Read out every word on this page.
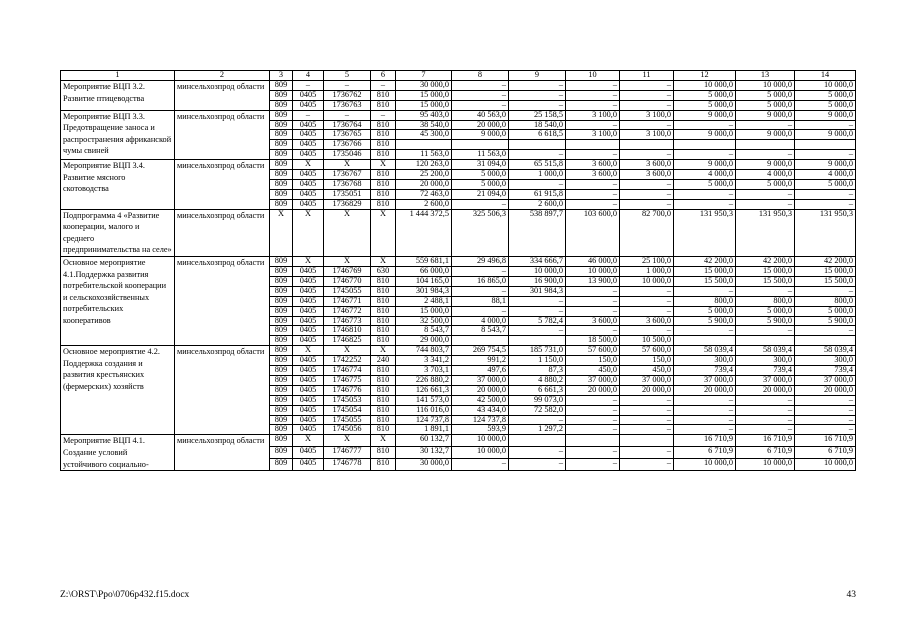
1	2	3	4	5	6	7	8	9	10	11	12	13	14
Мероприятие ВЦП 3.2. Развитие птицеводства	минсельхозпрод области	809	–	–	–	30 000,0	–	–	–	–	10 000,0	10 000,0	10 000,0
		809	0405	1736762	810	15 000,0	–	–	–	–	5 000,0	5 000,0	5 000,0
		809	0405	1736763	810	15 000,0	–	–	–	–	5 000,0	5 000,0	5 000,0
Мероприятие ВЦП 3.3. Предотвращение заноса и распространения африканской чумы свиней	минсельхозпрод области	809	–	–	–	95 403,0	40 563,0	25 158,5	3 100,0	3 100,0	9 000,0	9 000,0	9 000,0
		809	0405	1736764	810	38 540,0	20 000,0	18 540,0	–	–	–	–	–
		809	0405	1736765	810	45 300,0	9 000,0	6 618,5	3 100,0	3 100,0	9 000,0	9 000,0	9 000,0
		809	0405	1736766	810								
		809	0405	1735046	810	11 563,0	11 563,0	–	–	–	–	–	–
Мероприятие ВЦП 3.4. Развитие мясного скотоводства	минсельхозпрод области	809	Х	Х	Х	120 263,0	31 094,0	65 515,8	3 600,0	3 600,0	9 000,0	9 000,0	9 000,0
		809	0405	1736767	810	25 200,0	5 000,0	1 000,0	3 600,0	3 600,0	4 000,0	4 000,0	4 000,0
		809	0405	1736768	810	20 000,0	5 000,0	–	–	–	5 000,0	5 000,0	5 000,0
		809	0405	1735051	810	72 463,0	21 094,0	61 915,8	–	–	–	–	–
		809	0405	1736829	810	2 600,0	–	2 600,0	–	–	–	–	–
Подпрограмма 4 «Развитие кооперации, малого и среднего предпринимательства на селе»	минсельхозпрод области	Х	Х	Х	Х	1 444 372,5	325 506,3	538 897,7	103 600,0	82 700,0	131 950,3	131 950,3	131 950,3
Основное мероприятие 4.1.Поддержка развития потребительской кооперации и сельскохозяйственных потребительских кооперативов	минсельхозпрод области	809	Х	Х	Х	559 681,1	29 496,8	334 666,7	46 000,0	25 100,0	42 200,0	42 200,0	42 200,0
		809	0405	1746769	630	66 000,0	–	10 000,0	10 000,0	1 000,0	15 000,0	15 000,0	15 000,0
		809	0405	1746770	810	104 165,0	16 865,0	16 900,0	13 900,0	10 000,0	15 500,0	15 500,0	15 500,0
		809	0405	1745055	810	301 984,3	–	301 984,3	–	–	–	–	–
		809	0405	1746771	810	2 488,1	88,1	–	–	–	800,0	800,0	800,0
		809	0405	1746772	810	15 000,0	–	–	–	–	5 000,0	5 000,0	5 000,0
		809	0405	1746773	810	32 500,0	4 000,0	5 782,4	3 600,0	3 600,0	5 900,0	5 900,0	5 900,0
		809	0405	1746810	810	8 543,7	8 543,7	–	–	–	–	–	–
		809	0405	1746825	810	29 000,0			18 500,0	10 500,0			
Основное мероприятие 4.2. Поддержка создания и развития крестьянских (фермерских) хозяйств	минсельхозпрод области	809	Х	Х	Х	744 803,7	269 754,5	185 731,0	57 600,0	57 600,0	58 039,4	58 039,4	58 039,4
		809	0405	1742252	240	3 341,2	991,2	1 150,0	150,0	150,0	300,0	300,0	300,0
		809	0405	1746774	810	3 703,1	497,6	87,3	450,0	450,0	739,4	739,4	739,4
		809	0405	1746775	810	226 880,2	37 000,0	4 880,2	37 000,0	37 000,0	37 000,0	37 000,0	37 000,0
		809	0405	1746776	810	126 661,3	20 000,0	6 661,3	20 000,0	20 000,0	20 000,0	20 000,0	20 000,0
		809	0405	1745053	810	141 573,0	42 500,0	99 073,0	–	–	–	–	–
		809	0405	1745054	810	116 016,0	43 434,0	72 582,0	–	–	–	–	–
		809	0405	1745055	810	124 737,8	124 737,8	–	–	–	–	–	–
		809	0405	1745056	810	1 891,1	593,9	1 297,2	–	–	–	–	–
Мероприятие ВЦП 4.1. Создание условий устойчивого социально-	минсельхозпрод области	809	Х	Х	Х	60 132,7	10 000,0				16 710,9	16 710,9	16 710,9
		809	0405	1746777	810	30 132,7	10 000,0	–	–	–	6 710,9	6 710,9	6 710,9
		809	0405	1746778	810	30 000,0	–	–	–	–	10 000,0	10 000,0	10 000,0
Z:\ORST\Ppo\0706p432.f15.docx	43
